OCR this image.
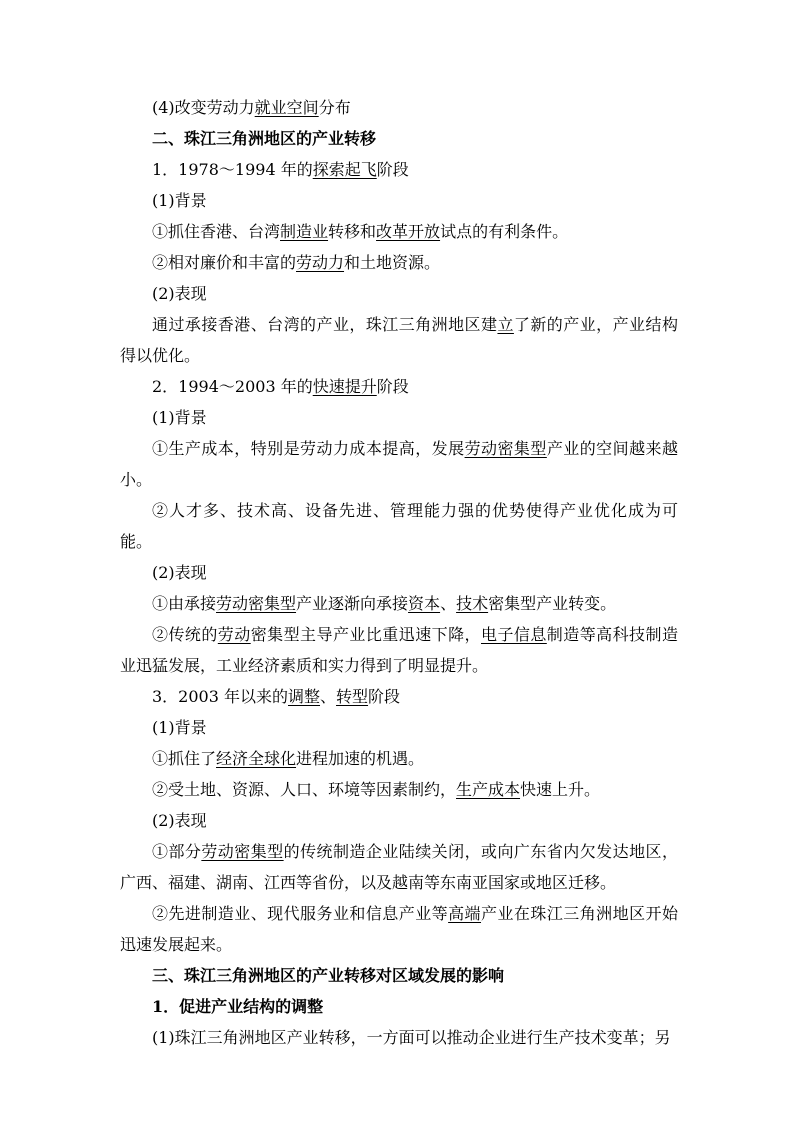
(4)改变劳动力就业空间分布

二、珠江三角洲地区的产业转移

1．1978～1994 年的探索起飞阶段

(1)背景

①抓住香港、台湾制造业转移和改革开放试点的有利条件。

②相对廉价和丰富的劳动力和土地资源。

(2)表现

通过承接香港、台湾的产业，珠江三角洲地区建立了新的产业，产业结构得以优化。

2．1994～2003 年的快速提升阶段

(1)背景

①生产成本，特别是劳动力成本提高，发展劳动密集型产业的空间越来越小。

②人才多、技术高、设备先进、管理能力强的优势使得产业优化成为可能。

(2)表现

①由承接劳动密集型产业逐渐向承接资本、技术密集型产业转变。

②传统的劳动密集型主导产业比重迅速下降，电子信息制造等高科技制造业迅猛发展，工业经济素质和实力得到了明显提升。

3．2003 年以来的调整、转型阶段

(1)背景

①抓住了经济全球化进程加速的机遇。

②受土地、资源、人口、环境等因素制约，生产成本快速上升。

(2)表现

①部分劳动密集型的传统制造企业陆续关闭，或向广东省内欠发达地区，广西、福建、湖南、江西等省份，以及越南等东南亚国家或地区迁移。

②先进制造业、现代服务业和信息产业等高端产业在珠江三角洲地区开始迅速发展起来。

三、珠江三角洲地区的产业转移对区域发展的影响

1．促进产业结构的调整

(1)珠江三角洲地区产业转移，一方面可以推动企业进行生产技术变革；另
